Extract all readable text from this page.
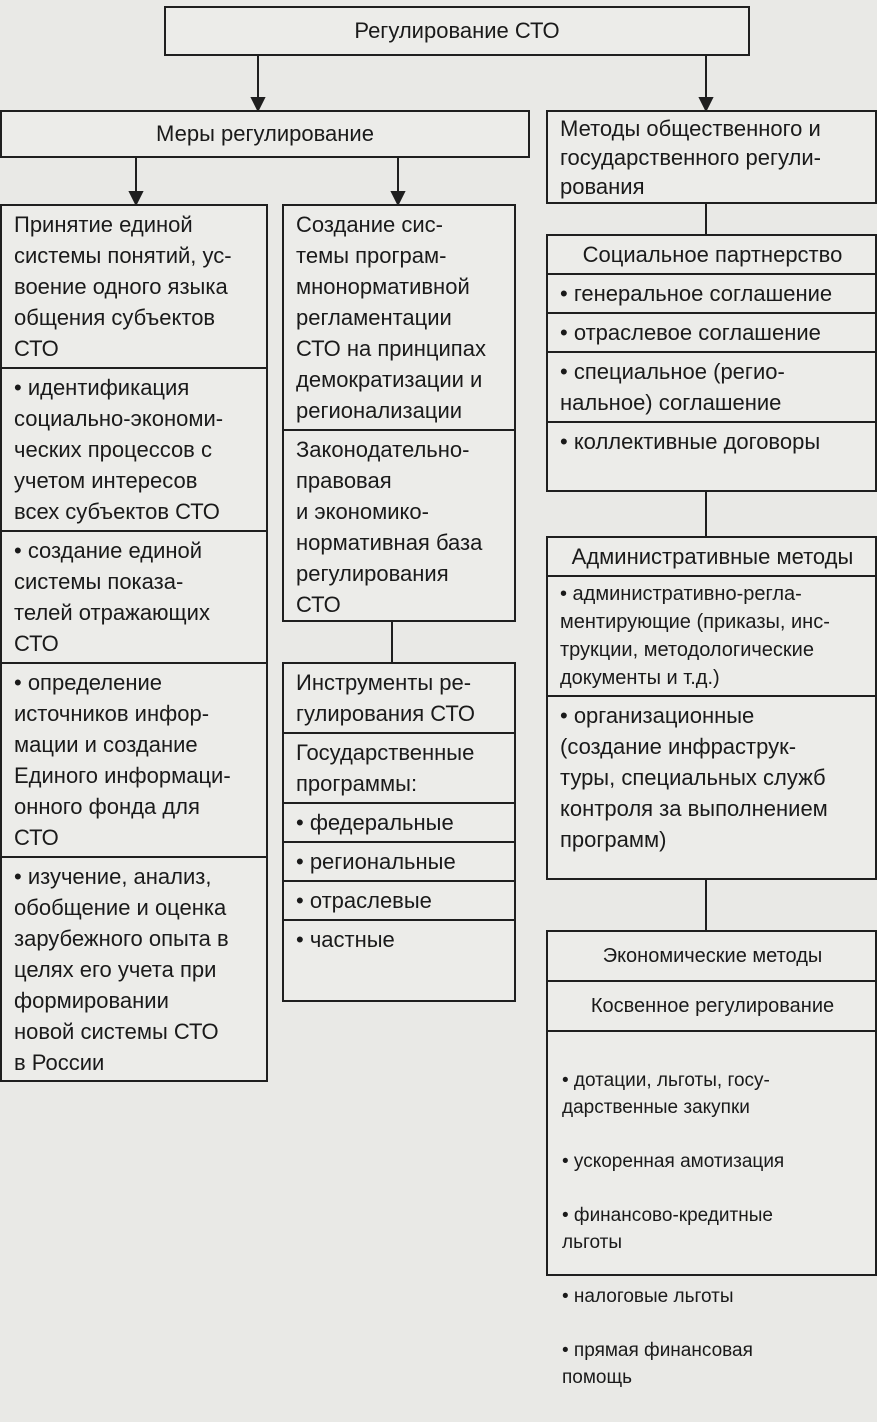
Регулирование СТО
Меры регулирование
Принятие единой
системы понятий, ус-
воение одного языка
общения субъектов
СТО
• идентификация
социально-экономи-
ческих процессов с
учетом интересов
всех субъектов СТО
• создание единой
системы показа-
телей отражающих
СТО
• определение
источников инфор-
мации и создание
Единого информаци-
онного фонда для
СТО
• изучение, анализ,
обобщение и оценка
зарубежного опыта в
целях его учета при
формировании
новой системы СТО
в России
Создание сис-
темы програм-
мнонормативной
регламентации
СТО на принципах
демократизации и
регионализации
Законодательно-
правовая
и экономико-
нормативная база
регулирования
СТО
Инструменты ре-
гулирования СТО
Государственные
программы:
• федеральные
• региональные
• отраслевые
• частные
Методы общественного и
государственного регули-
рования
Социальное партнерство
• генеральное соглашение
• отраслевое соглашение
• специальное (регио-
нальное) соглашение
• коллективные договоры
Административные методы
• административно-регла-
ментирующие (приказы, инс-
трукции, методологические
документы и т.д.)
• организационные
(создание инфраструк-
туры, специальных служб
контроля за выполнением
программ)
Экономические методы
Косвенное регулирование

• дотации, льготы, госу-
дарственные закупки

• ускоренная амотизация

• финансово-кредитные
льготы

• налоговые льготы

• прямая финансовая
помощь
